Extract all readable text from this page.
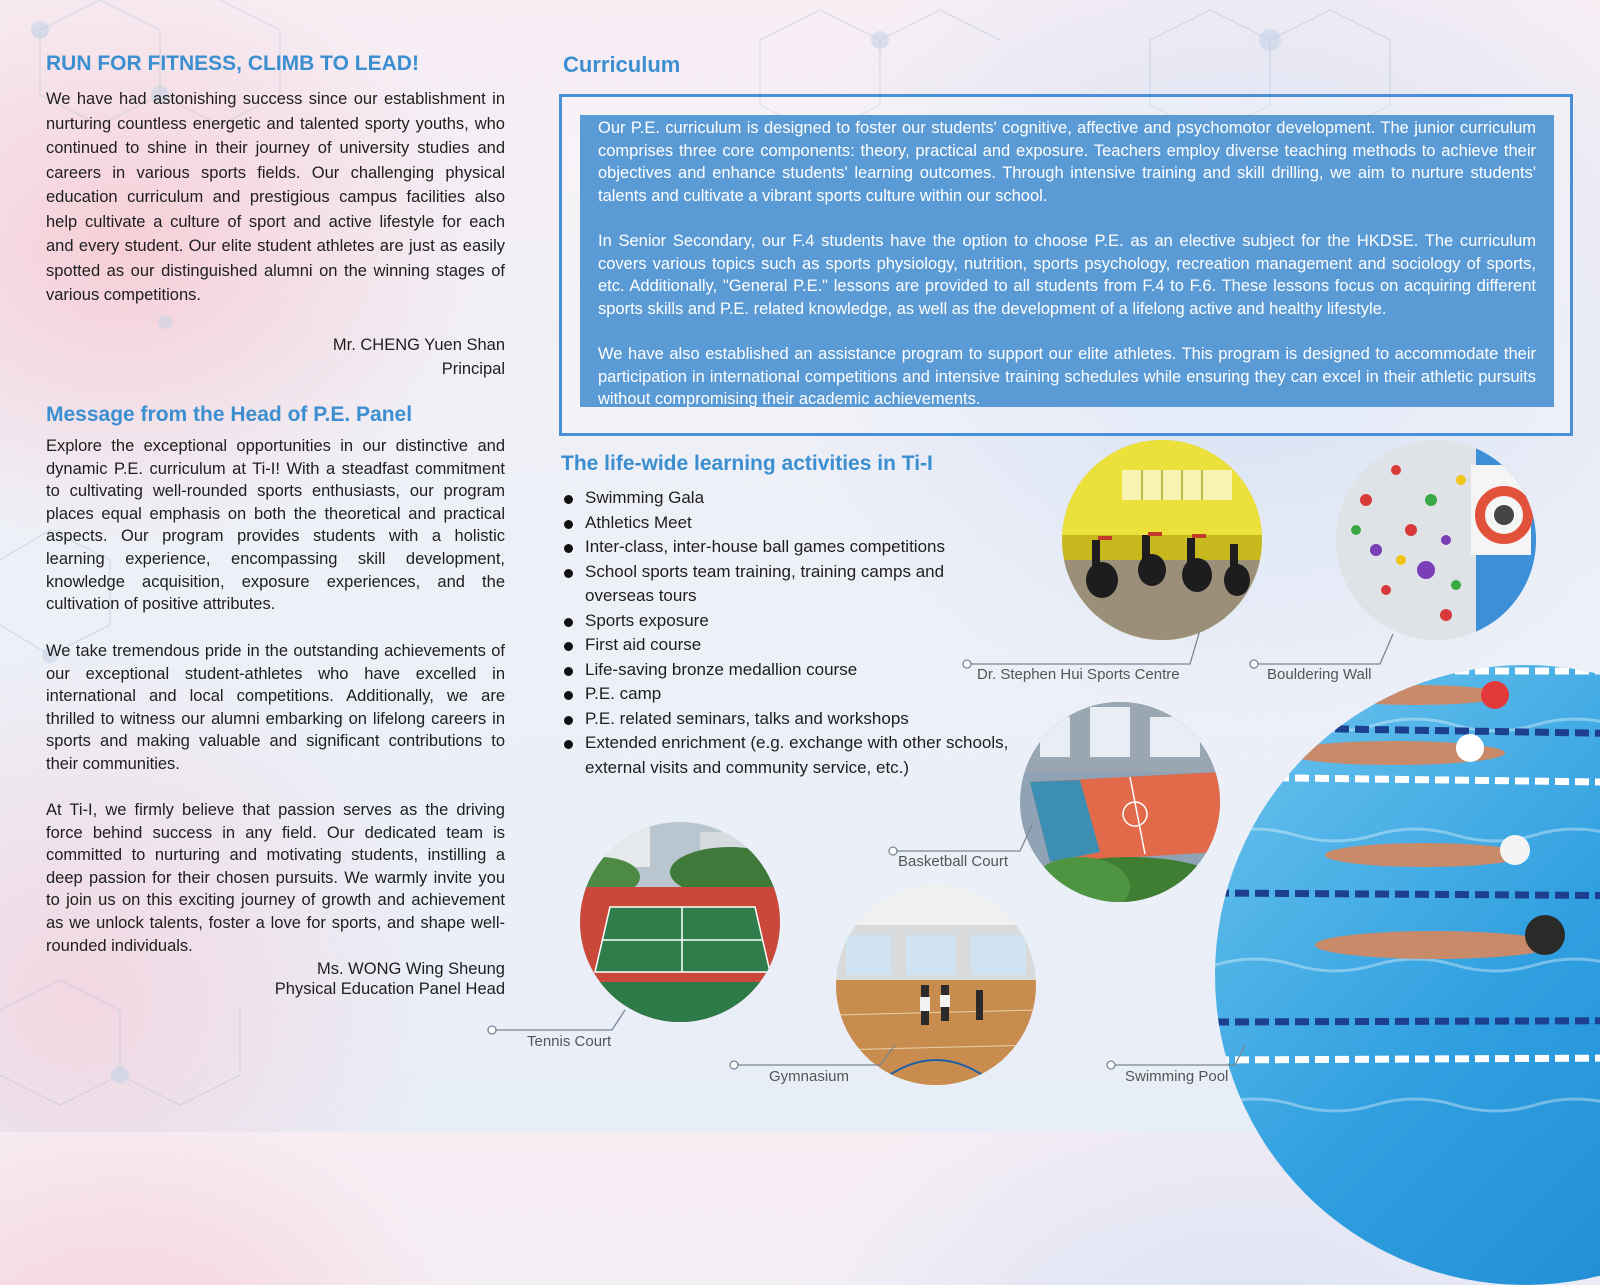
RUN FOR FITNESS, CLIMB TO LEAD!

We have had astonishing success since our establishment in nurturing countless energetic and talented sporty youths, who continued to shine in their journey of university studies and careers in various sports fields. Our challenging physical education curriculum and prestigious campus facilities also help cultivate a culture of sport and active lifestyle for each and every student. Our elite student athletes are just as easily spotted as our distinguished alumni on the winning stages of various competitions.

Mr. CHENG Yuen Shan
Principal
Message from the Head of P.E. Panel

Explore the exceptional opportunities in our distinctive and dynamic P.E. curriculum at Ti-I! With a steadfast commitment to cultivating well-rounded sports enthusiasts, our program places equal emphasis on both the theoretical and practical aspects. Our program provides students with a holistic learning experience, encompassing skill development, knowledge acquisition, exposure experiences, and the cultivation of positive attributes.

We take tremendous pride in the outstanding achievements of our exceptional student-athletes who have excelled in international and local competitions. Additionally, we are thrilled to witness our alumni embarking on lifelong careers in sports and making valuable and significant contributions to their communities.

At Ti-I, we firmly believe that passion serves as the driving force behind success in any field. Our dedicated team is committed to nurturing and motivating students, instilling a deep passion for their chosen pursuits. We warmly invite you to join us on this exciting journey of growth and achievement as we unlock talents, foster a love for sports, and shape well-rounded individuals.

Ms. WONG Wing Sheung
Physical Education Panel Head
Curriculum

Our P.E. curriculum is designed to foster our students' cognitive, affective and psychomotor development. The junior curriculum comprises three core components: theory, practical and exposure. Teachers employ diverse teaching methods to achieve their objectives and enhance students' learning outcomes. Through intensive training and skill drilling, we aim to nurture students' talents and cultivate a vibrant sports culture within our school.

In Senior Secondary, our F.4 students have the option to choose P.E. as an elective subject for the HKDSE. The curriculum covers various topics such as sports physiology, nutrition, sports psychology, recreation management and sociology of sports, etc. Additionally, "General P.E." lessons are provided to all students from F.4 to F.6. These lessons focus on acquiring different sports skills and P.E. related knowledge, as well as the development of a lifelong active and healthy lifestyle.

We have also established an assistance program to support our elite athletes. This program is designed to accommodate their participation in international competitions and intensive training schedules while ensuring they can excel in their athletic pursuits without compromising their academic achievements.

The life-wide learning activities in Ti-I
Swimming Gala
Athletics Meet
Inter-class, inter-house ball games competitions
School sports team training, training camps and overseas tours
Sports exposure
First aid course
Life-saving bronze medallion course
P.E. camp
P.E. related seminars, talks and workshops
Extended enrichment (e.g. exchange with other schools, external visits and community service, etc.)
Dr. Stephen Hui Sports Centre	Bouldering Wall
Basketball Court
Tennis Court
Gymnasium	Swimming Pool
